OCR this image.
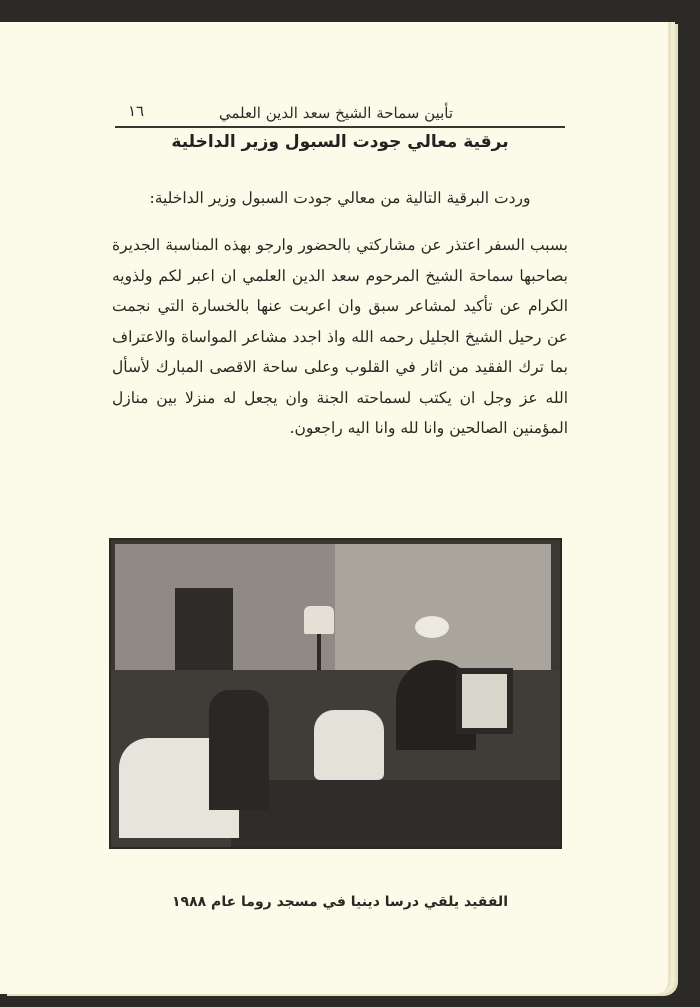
تأبين سماحة الشيخ سعد الدين العلمي
١٦
برقية معالي جودت السبول وزير الداخلية
وردت البرقية التالية من معالي جودت السبول وزير الداخلية:
بسبب السفر اعتذر عن مشاركتي بالحضور وارجو بهذه المناسبة الجديرة بصاحبها سماحة الشيخ المرحوم سعد الدين العلمي ان اعبر لكم ولذويه الكرام عن تأكيد لمشاعر سبق وان اعربت عنها بالخسارة التي نجمت عن رحيل الشيخ الجليل رحمه الله واذ اجدد مشاعر المواساة والاعتراف بما ترك الفقيد من اثار في القلوب وعلى ساحة الاقصى المبارك لأسأل الله عز وجل ان يكتب لسماحته الجنة وان يجعل له منزلا بين منازل المؤمنين الصالحين وانا لله وانا اليه راجعون.
الفقيد يلقي درسا دينيا في مسجد روما عام ١٩٨٨
